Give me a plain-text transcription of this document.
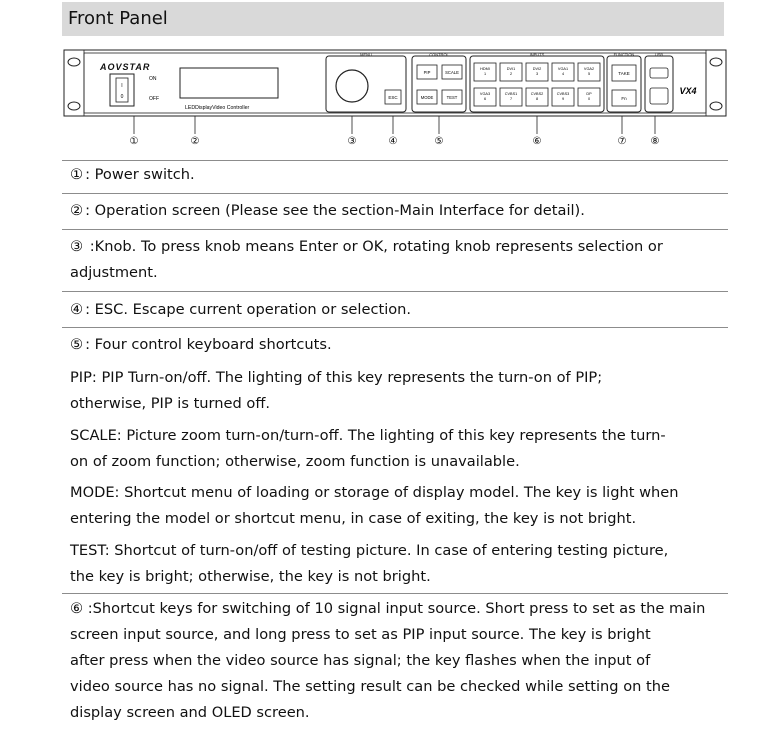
Front Panel
AOVSTAR
I
0
ON
OFF
LEDDisplayVideo Controller
MENU
ESC
CONTROL
PIP	SCALE
MODE	TEST
INPUTS
HDMI
1
DVI1
2
DVI2
3
VGA1
4
VGA2
5
VGA3
6
CVBS1
7
CVBS2
8
CVBS3
9
DP
0
FUNCTION
TAKE
Fn
USB
VX4
①	②	③	④	⑤	⑥	⑦ ⑧
① : Power switch.
② : Operation screen (Please see the section-Main Interface for detail).
③ :Knob. To press knob means Enter or OK, rotating knob represents selection or
adjustment.
④ : ESC. Escape current operation or selection.
⑤ : Four control keyboard shortcuts.
PIP: PIP Turn-on/off. The lighting of this key represents the turn-on of PIP;
otherwise, PIP is turned off.
SCALE: Picture zoom turn-on/turn-off. The lighting of this key represents the turn-
on of zoom function; otherwise, zoom function is unavailable.
MODE: Shortcut menu of loading or storage of display model. The key is light when
entering the model or shortcut menu, in case of exiting, the key is not bright.
TEST: Shortcut of turn-on/off of testing picture. In case of entering testing picture,
the key is bright; otherwise, the key is not bright.
⑥ :Shortcut keys for switching of 10 signal input source. Short press to set as the main
screen input source, and long press to set as PIP input source. The key is bright
after press when the video source has signal; the key flashes when the input of
video source has no signal. The setting result can be checked while setting on the
display screen and OLED screen.
